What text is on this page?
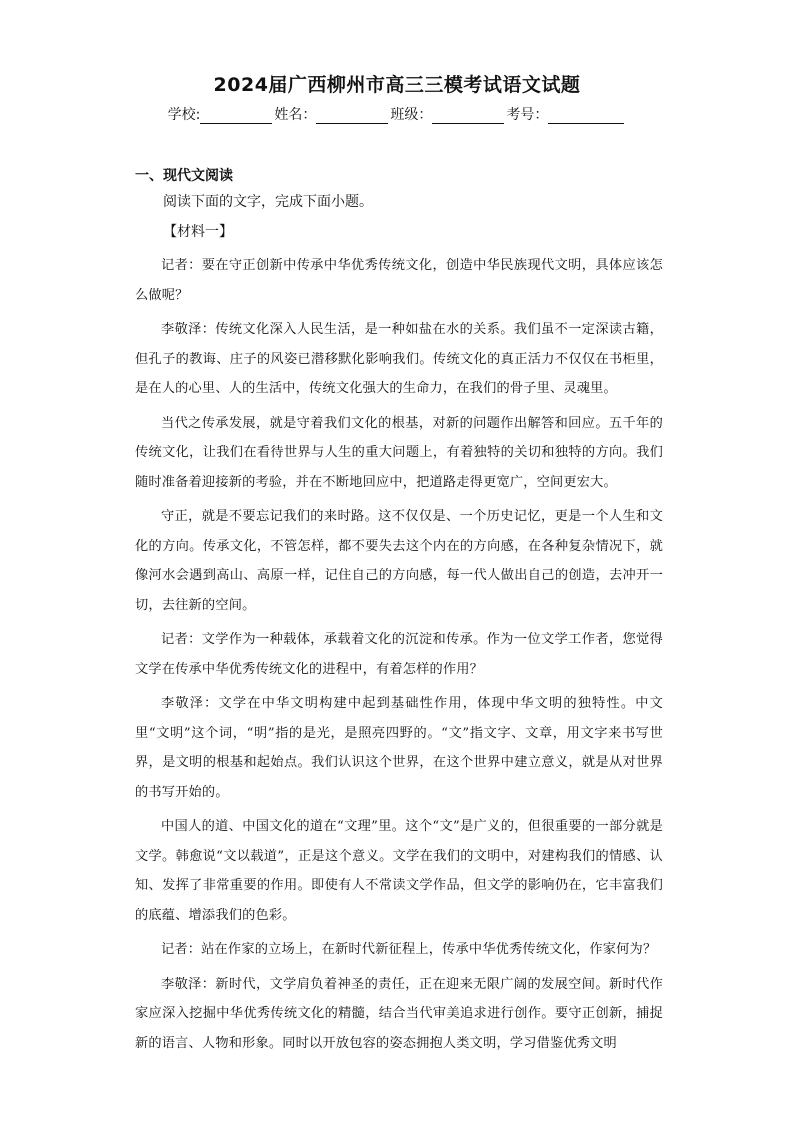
2024届广西柳州市高三三模考试语文试题
学校:	姓名：	班级：	考号：
一、现代文阅读
阅读下面的文字，完成下面小题。
【材料一】

记者：要在守正创新中传承中华优秀传统文化，创造中华民族现代文明，具体应该怎么做呢？

李敬泽：传统文化深入人民生活，是一种如盐在水的关系。我们虽不一定深读古籍，但孔子的教诲、庄子的风姿已潜移默化影响我们。传统文化的真正活力不仅仅在书柜里，是在人的心里、人的生活中，传统文化强大的生命力，在我们的骨子里、灵魂里。

当代之传承发展，就是守着我们文化的根基，对新的问题作出解答和回应。五千年的传统文化，让我们在看待世界与人生的重大问题上，有着独特的关切和独特的方向。我们随时准备着迎接新的考验，并在不断地回应中，把道路走得更宽广，空间更宏大。

守正，就是不要忘记我们的来时路。这不仅仅是、一个历史记忆，更是一个人生和文化的方向。传承文化，不管怎样，都不要失去这个内在的方向感，在各种复杂情况下，就像河水会遇到高山、高原一样，记住自己的方向感，每一代人做出自己的创造，去冲开一切，去往新的空间。

记者：文学作为一种载体，承载着文化的沉淀和传承。作为一位文学工作者，您觉得文学在传承中华优秀传统文化的进程中，有着怎样的作用？

李敬泽：文学在中华文明构建中起到基础性作用，体现中华文明的独特性。中文里“文明”这个词，“明”指的是光，是照亮四野的。“文”指文字、文章，用文字来书写世界，是文明的根基和起始点。我们认识这个世界，在这个世界中建立意义，就是从对世界的书写开始的。

中国人的道、中国文化的道在“文理”里。这个“文”是广义的，但很重要的一部分就是文学。韩愈说“文以载道”，正是这个意义。文学在我们的文明中，对建构我们的情感、认知、发挥了非常重要的作用。即使有人不常读文学作品，但文学的影响仍在，它丰富我们的底蕴、增添我们的色彩。

记者：站在作家的立场上，在新时代新征程上，传承中华优秀传统文化，作家何为？

李敬泽：新时代，文学肩负着神圣的责任，正在迎来无限广阔的发展空间。新时代作家应深入挖掘中华优秀传统文化的精髓，结合当代审美追求进行创作。要守正创新，捕捉新的语言、人物和形象。同时以开放包容的姿态拥抱人类文明，学习借鉴优秀文明
